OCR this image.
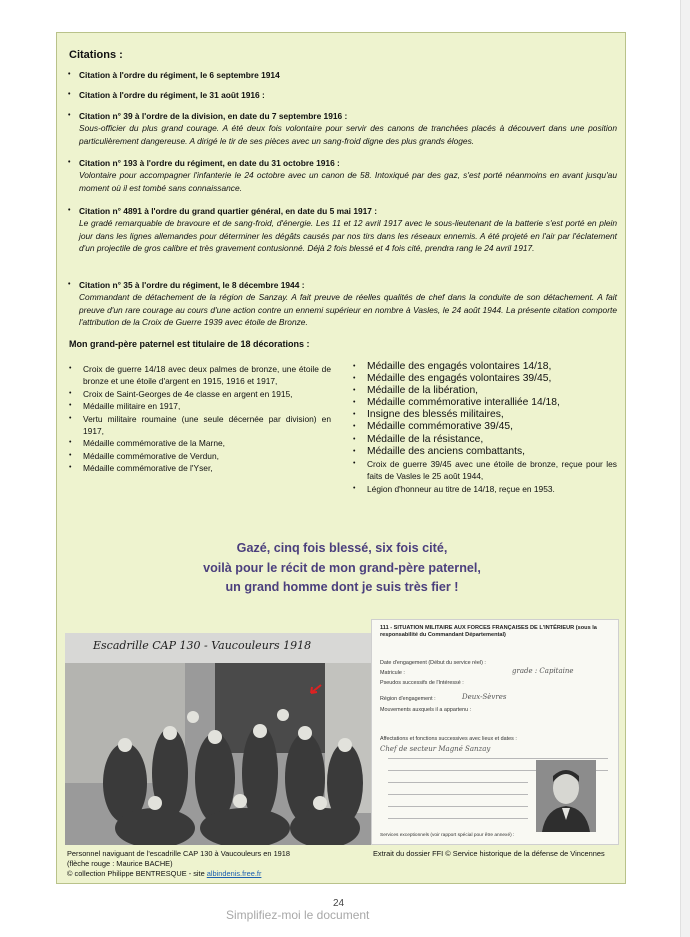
Citations :
• Citation à l'ordre du régiment, le 6 septembre 1914
• Citation à l'ordre du régiment, le 31 août 1916 :
• Citation n° 39 à l'ordre de la division, en date du 7 septembre 1916 :
Sous-officier du plus grand courage. A été deux fois volontaire pour servir des canons de tranchées placés à découvert dans une position particulièrement dangereuse. A dirigé le tir de ses pièces avec un sang-froid digne des plus grands éloges.
• Citation n° 193 à l'ordre du régiment, en date du 31 octobre 1916 :
Volontaire pour accompagner l'infanterie le 24 octobre avec un canon de 58. Intoxiqué par des gaz, s'est porté néanmoins en avant jusqu'au moment où il est tombé sans connaissance.
• Citation n° 4891 à l'ordre du grand quartier général, en date du 5 mai 1917 :
Le gradé remarquable de bravoure et de sang-froid, d'énergie. Les 11 et 12 avril 1917 avec le sous-lieutenant de la batterie s'est porté en plein jour dans les lignes allemandes pour déterminer les dégâts causés par nos tirs dans les réseaux ennemis. A été projeté en l'air par l'éclatement d'un projectile de gros calibre et très gravement contusionné. Déjà 2 fois blessé et 4 fois cité, prendra rang le 24 avril 1917.
• Citation n° 35 à l'ordre du régiment, le 8 décembre 1944 :
Commandant de détachement de la région de Sanzay. A fait preuve de réelles qualités de chef dans la conduite de son détachement. A fait preuve d'un rare courage au cours d'une action contre un ennemi supérieur en nombre à Vasles, le 24 août 1944. La présente citation comporte l'attribution de la Croix de Guerre 1939 avec étoile de Bronze.
Mon grand-père paternel est titulaire de 18 décorations :
• Croix de guerre 14/18 avec deux palmes de bronze, une étoile de bronze et une étoile d'argent en 1915, 1916 et 1917,
• Croix de Saint-Georges de 4e classe en argent en 1915,
• Médaille militaire en 1917,
• Vertu militaire roumaine (une seule décernée par division) en 1917,
• Médaille commémorative de la Marne,
• Médaille commémorative de Verdun,
• Médaille commémorative de l'Yser,
• Médaille des engagés volontaires 14/18,
• Médaille des engagés volontaires 39/45,
• Médaille de la libération,
• Médaille commémorative interalliée 14/18,
• Insigne des blessés militaires,
• Médaille commémorative 39/45,
• Médaille de la résistance,
• Médaille des anciens combattants,
• Croix de guerre 39/45 avec une étoile de bronze, reçue pour les faits de Vasles le 25 août 1944,
• Légion d'honneur au titre de 14/18, reçue en 1953.
Gazé, cinq fois blessé, six fois cité,
voilà pour le récit de mon grand-père paternel,
un grand homme dont je suis très fier !
Escadrille CAP 130 - Vaucouleurs 1918
111 - SITUATION MILITAIRE AUX FORCES FRANÇAISES DE L'INTÉRIEUR (sous la responsabilité du Commandant Départemental)
Date d'engagement (Début du service réel) :
Matricule :
Pseudos successifs de l'Intéressé :
Région d'engagement :
Mouvements auxquels il a appartenu :
Affectations et fonctions successives avec lieux et dates :
grade : Capitaine
Deux-Sèvres
Chef de secteur Magné Sanzay
Services exceptionnels (voir rapport spécial pour être annexé) :
Personnel naviguant de l'escadrille CAP 130 à Vaucouleurs en 1918
(flèche rouge : Maurice BACHE)
© collection Philippe BENTRESQUE - site albindenis.free.fr
Extrait du dossier FFI © Service historique de la défense de Vincennes
24
Simplifiez-moi le document
